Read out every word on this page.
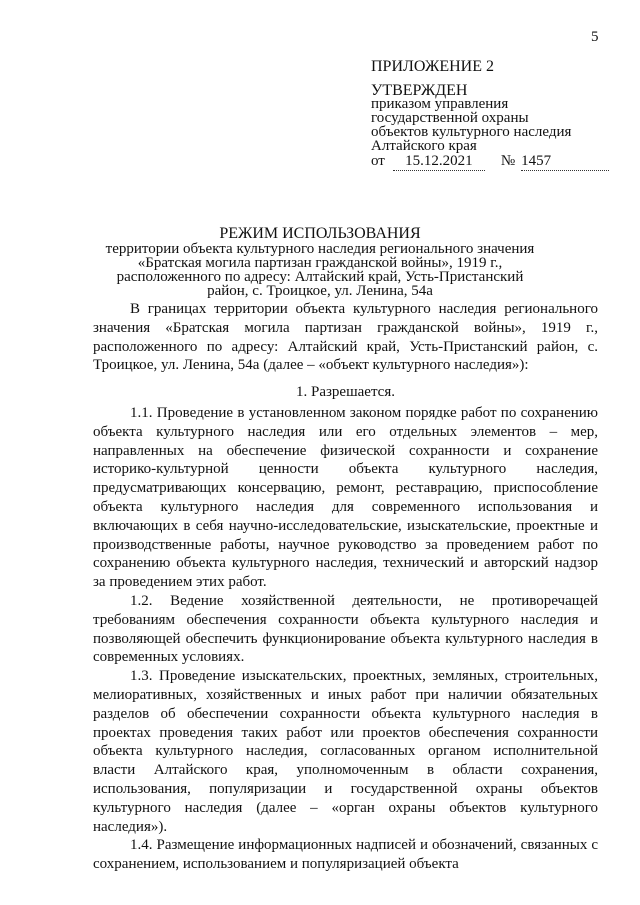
5
ПРИЛОЖЕНИЕ 2
УТВЕРЖДЕН
приказом управления
государственной охраны
объектов культурного наследия
Алтайского края
от 15.12.2021 № 1457
РЕЖИМ ИСПОЛЬЗОВАНИЯ
территории объекта культурного наследия регионального значения
«Братская могила партизан гражданской войны», 1919 г.,
расположенного по адресу: Алтайский край, Усть-Пристанский
район, с. Троицкое, ул. Ленина, 54а

В границах территории объекта культурного наследия регионального значения «Братская могила партизан гражданской войны», 1919 г., расположенного по адресу: Алтайский край, Усть-Пристанский район, с. Троицкое, ул. Ленина, 54а (далее – «объект культурного наследия»):

1. Разрешается.

1.1. Проведение в установленном законом порядке работ по сохранению объекта культурного наследия или его отдельных элементов – мер, направленных на обеспечение физической сохранности и сохранение историко-культурной ценности объекта культурного наследия, предусматривающих консервацию, ремонт, реставрацию, приспособление объекта культурного наследия для современного использования и включающих в себя научно-исследовательские, изыскательские, проектные и производственные работы, научное руководство за проведением работ по сохранению объекта культурного наследия, технический и авторский надзор за проведением этих работ.

1.2. Ведение хозяйственной деятельности, не противоречащей требованиям обеспечения сохранности объекта культурного наследия и позволяющей обеспечить функционирование объекта культурного наследия в современных условиях.

1.3. Проведение изыскательских, проектных, земляных, строительных, мелиоративных, хозяйственных и иных работ при наличии обязательных разделов об обеспечении сохранности объекта культурного наследия в проектах проведения таких работ или проектов обеспечения сохранности объекта культурного наследия, согласованных органом исполнительной власти Алтайского края, уполномоченным в области сохранения, использования, популяризации и государственной охраны объектов культурного наследия (далее – «орган охраны объектов культурного наследия»).

1.4. Размещение информационных надписей и обозначений, связанных с сохранением, использованием и популяризацией объекта
